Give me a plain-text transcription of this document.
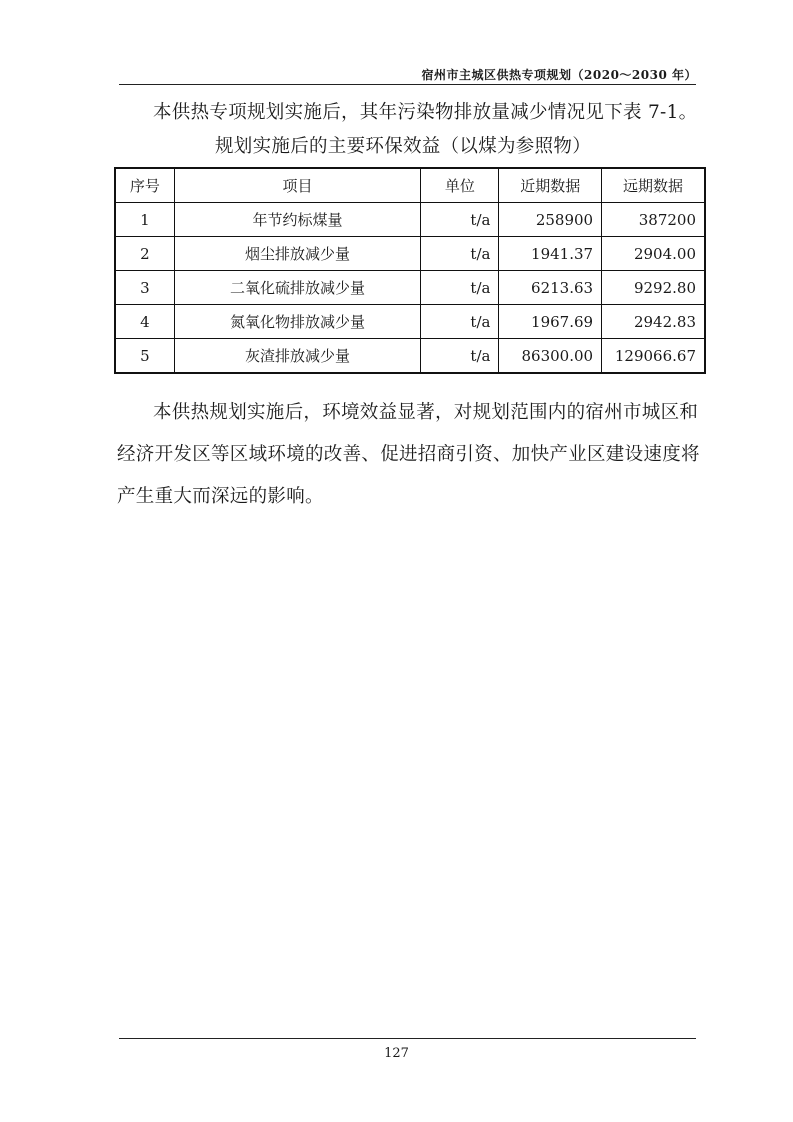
宿州市主城区供热专项规划（2020～2030 年）
本供热专项规划实施后，其年污染物排放量减少情况见下表 7-1。
规划实施后的主要环保效益（以煤为参照物）
序号	项目	单位	近期数据	远期数据
1	年节约标煤量	t/a	258900	387200
2	烟尘排放减少量	t/a	1941.37	2904.00
3	二氧化硫排放减少量	t/a	6213.63	9292.80
4	氮氧化物排放减少量	t/a	1967.69	2942.83
5	灰渣排放减少量	t/a	86300.00	129066.67
本供热规划实施后，环境效益显著，对规划范围内的宿州市城区和
经济开发区等区域环境的改善、促进招商引资、加快产业区建设速度将
产生重大而深远的影响。
127
